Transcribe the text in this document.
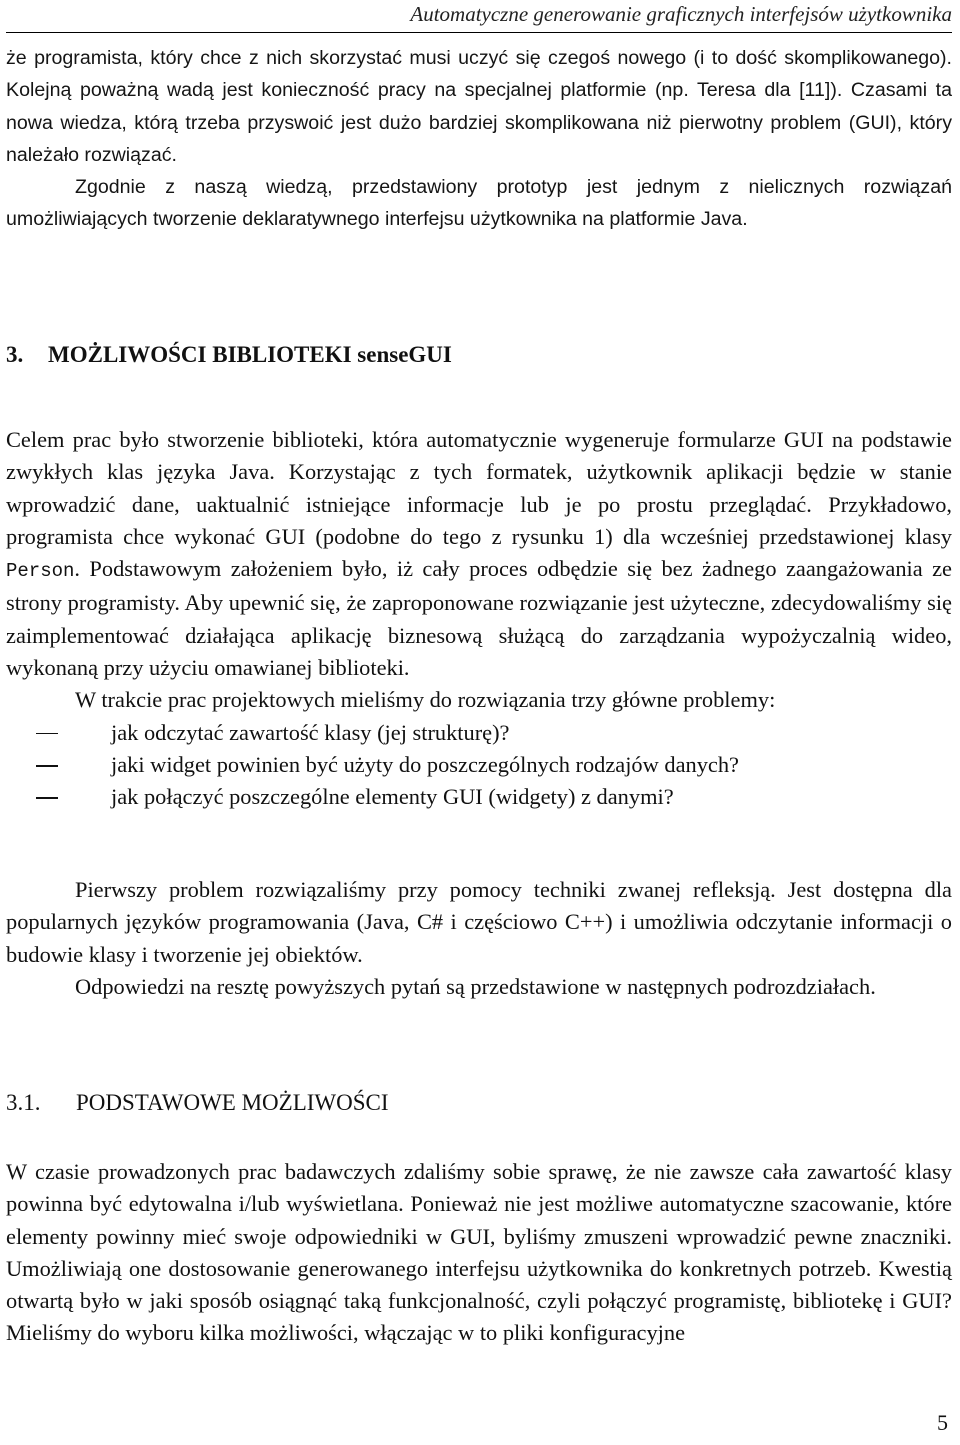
Automatyczne generowanie graficznych interfejsów użytkownika

że programista, który chce z nich skorzystać musi uczyć się czegoś nowego (i to dość skomplikowanego). Kolejną poważną wadą jest konieczność pracy na specjalnej platformie (np. Teresa dla [11]). Czasami ta nowa wiedza, którą trzeba przyswoić jest dużo bardziej skomplikowana niż pierwotny problem (GUI), który należało rozwiązać.

Zgodnie z naszą wiedzą, przedstawiony prototyp jest jednym z nielicznych rozwiązań umożliwiających tworzenie deklaratywnego interfejsu użytkownika na platformie Java.

3. MOŻLIWOŚCI BIBLIOTEKI senseGUI

Celem prac było stworzenie biblioteki, która automatycznie wygeneruje formularze GUI na podstawie zwykłych klas języka Java. Korzystając z tych formatek, użytkownik aplikacji będzie w stanie wprowadzić dane, uaktualnić istniejące informacje lub je po prostu przeglądać. Przykładowo, programista chce wykonać GUI (podobne do tego z rysunku 1) dla wcześniej przedstawionej klasy Person. Podstawowym założeniem było, iż cały proces odbędzie się bez żadnego zaangażowania ze strony programisty. Aby upewnić się, że zaproponowane rozwiązanie jest użyteczne, zdecydowaliśmy się zaimplementować działająca aplikację biznesową służącą do zarządzania wypożyczalnią wideo, wykonaną przy użyciu omawianej biblioteki.

W trakcie prac projektowych mieliśmy do rozwiązania trzy główne problemy:

jak odczytać zawartość klasy (jej strukturę)?
jaki widget powinien być użyty do poszczególnych rodzajów danych?
jak połączyć poszczególne elementy GUI (widgety) z danymi?

Pierwszy problem rozwiązaliśmy przy pomocy techniki zwanej refleksją. Jest dostępna dla popularnych języków programowania (Java, C# i częściowo C++) i umożliwia odczytanie informacji o budowie klasy i tworzenie jej obiektów.

Odpowiedzi na resztę powyższych pytań są przedstawione w następnych podrozdziałach.

3.1. PODSTAWOWE MOŻLIWOŚCI

W czasie prowadzonych prac badawczych zdaliśmy sobie sprawę, że nie zawsze cała zawartość klasy powinna być edytowalna i/lub wyświetlana. Ponieważ nie jest możliwe automatyczne szacowanie, które elementy powinny mieć swoje odpowiedniki w GUI, byliśmy zmuszeni wprowadzić pewne znaczniki. Umożliwiają one dostosowanie generowanego interfejsu użytkownika do konkretnych potrzeb. Kwestią otwartą było w jaki sposób osiągnąć taką funkcjonalność, czyli połączyć programistę, bibliotekę i GUI? Mieliśmy do wyboru kilka możliwości, włączając w to pliki konfiguracyjne

5
